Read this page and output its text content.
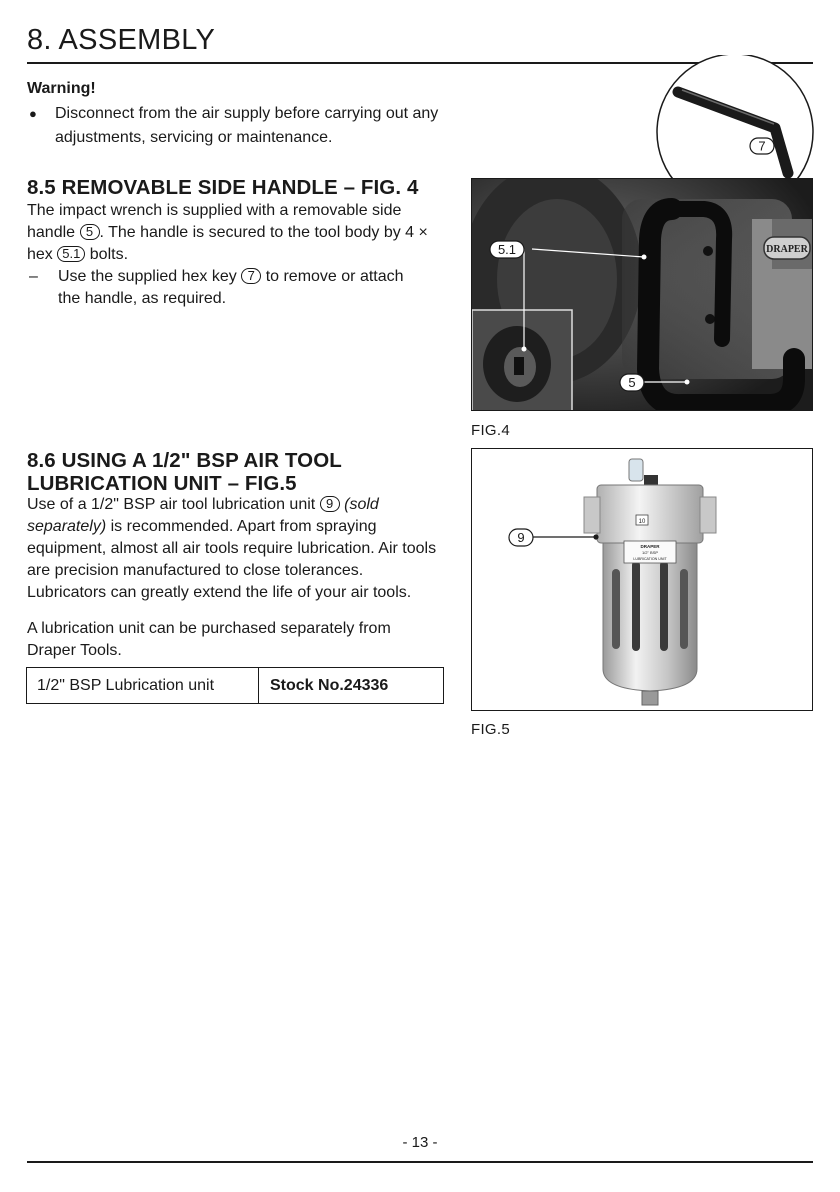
8. ASSEMBLY
Warning!
● Disconnect from the air supply before carrying out any adjustments, servicing or maintenance.	7
8.5 REMOVABLE SIDE HANDLE – FIG. 4

The impact wrench is supplied with a removable side handle 5 . The handle is secured to the tool body by 4 × hex 5.1 bolts.

– Use the supplied hex key 7 to remove or attach the handle, as required.
DRAPER
5.1
5
FIG.4
8.6 USING A 1/2" BSP AIR TOOL
LUBRICATION UNIT – FIG.5

Use of a 1/2" BSP air tool lubrication unit 9 (sold separately) is recommended. Apart from spraying equipment, almost all air tools require lubrication. Air tools are precision manufactured to close tolerances. Lubricators can greatly extend the life of your air tools.

A lubrication unit can be purchased separately from Draper Tools.

1/2" BSP Lubrication unit	Stock No.24336
10
DRAPER
1/2" BSP
LUBRICATION UNIT
9
FIG.5
- 13 -
